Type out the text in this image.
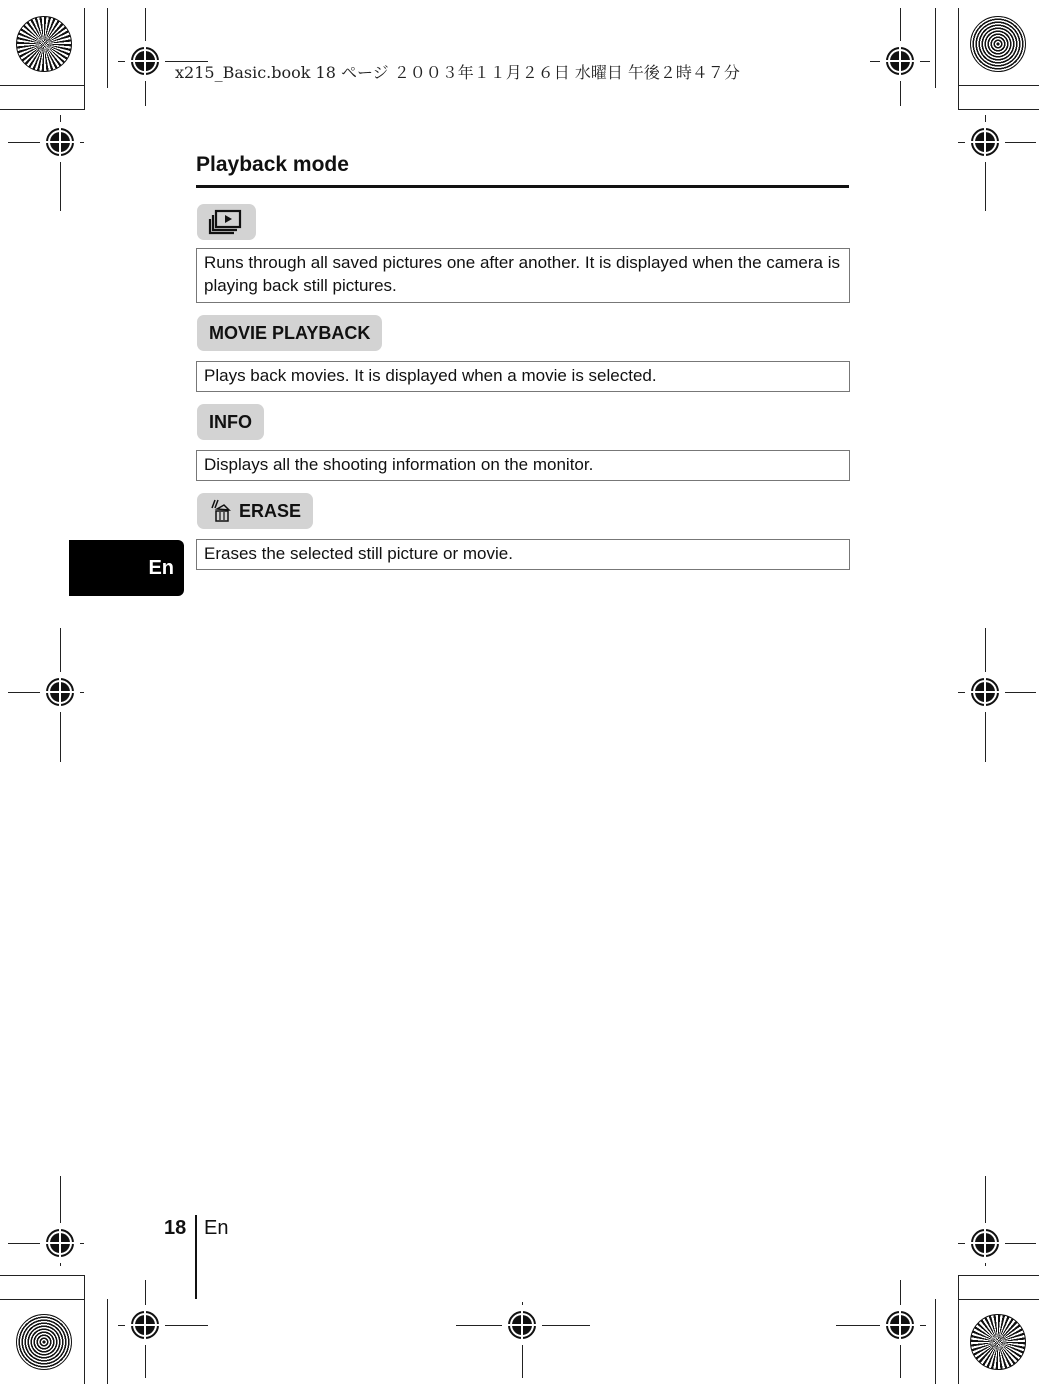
x215_Basic.book 18 ページ ２００３年１１月２６日 水曜日 午後２時４７分
Playback mode
Runs through all saved pictures one after another. It is displayed when the camera is playing back still pictures.
MOVIE PLAYBACK
Plays back movies. It is displayed when a movie is selected.
INFO
Displays all the shooting information on the monitor.
ERASE
Erases the selected still picture or movie.
En
18 En
